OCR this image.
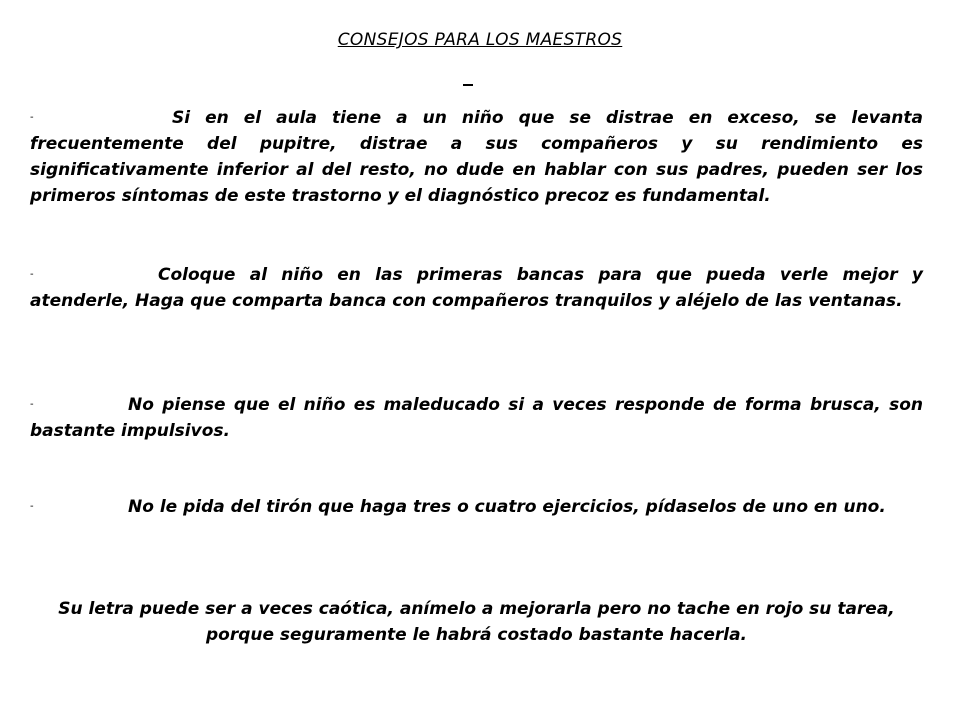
CONSEJOS PARA LOS MAESTROS
-	Si en el aula tiene a un niño que se distrae en exceso, se levanta frecuentemente del pupitre, distrae a sus compañeros y su rendimiento es significativamente inferior al del resto, no dude en hablar con sus padres, pueden ser los primeros síntomas de este trastorno y el diagnóstico precoz es fundamental.
-	Coloque al niño en las primeras bancas para que pueda verle mejor y atenderle, Haga que comparta banca con compañeros tranquilos y aléjelo de las ventanas.
-	No piense que el niño es maleducado si a veces responde de forma brusca, son bastante impulsivos.
-	No le pida del tirón que haga tres o cuatro ejercicios, pídaselos de uno en uno.
Su letra puede ser a veces caótica, anímelo a mejorarla pero no tache en rojo su tarea, porque seguramente le habrá costado bastante hacerla.
